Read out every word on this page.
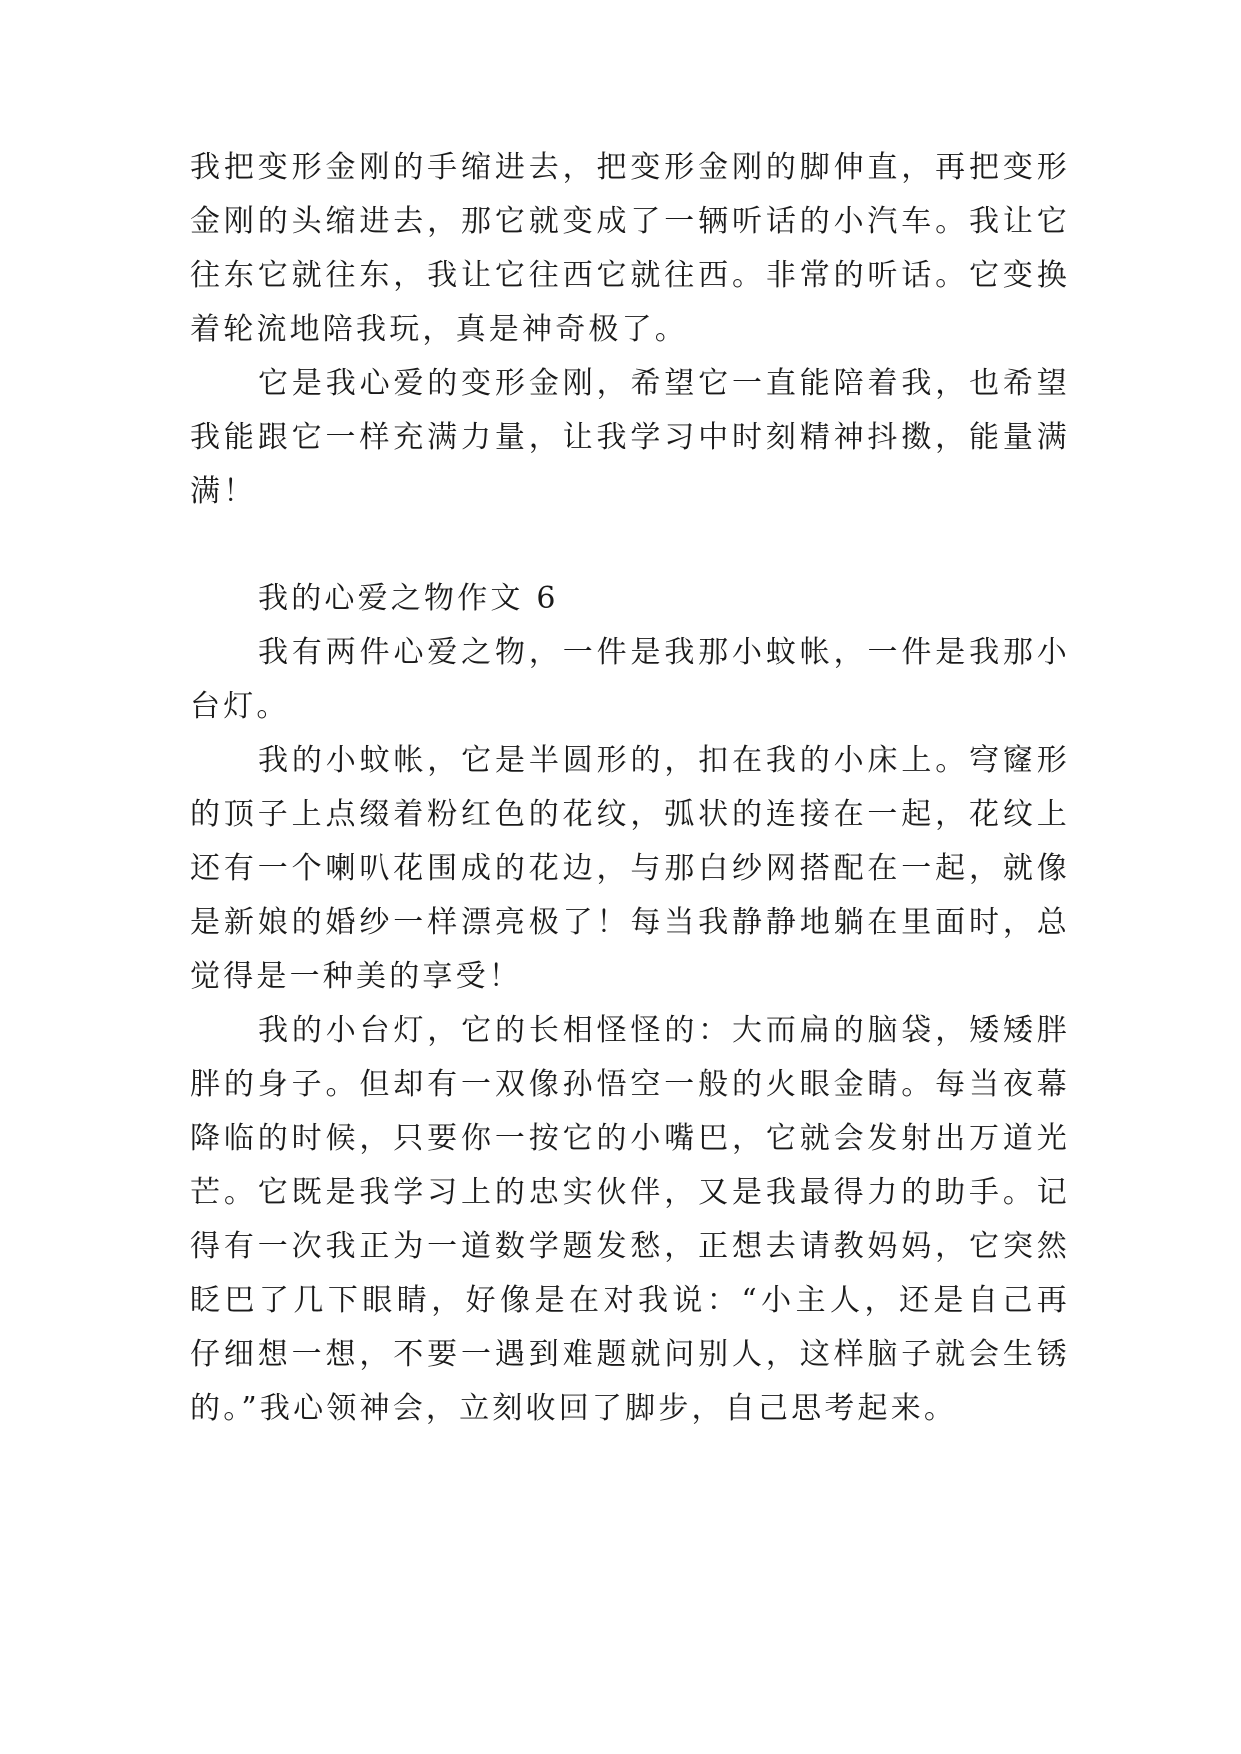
我把变形金刚的手缩进去，把变形金刚的脚伸直，再把变形
金刚的头缩进去，那它就变成了一辆听话的小汽车。我让它
往东它就往东，我让它往西它就往西。非常的听话。它变换
着轮流地陪我玩，真是神奇极了。
它是我心爱的变形金刚，希望它一直能陪着我，也希望
我能跟它一样充满力量，让我学习中时刻精神抖擞，能量满
满！
我的心爱之物作文 6
我有两件心爱之物，一件是我那小蚊帐，一件是我那小
台灯。
我的小蚊帐，它是半圆形的，扣在我的小床上。穹窿形
的顶子上点缀着粉红色的花纹，弧状的连接在一起，花纹上
还有一个喇叭花围成的花边，与那白纱网搭配在一起，就像
是新娘的婚纱一样漂亮极了！每当我静静地躺在里面时，总
觉得是一种美的享受！
我的小台灯，它的长相怪怪的：大而扁的脑袋，矮矮胖
胖的身子。但却有一双像孙悟空一般的火眼金睛。每当夜幕
降临的时候，只要你一按它的小嘴巴，它就会发射出万道光
芒。它既是我学习上的忠实伙伴，又是我最得力的助手。记
得有一次我正为一道数学题发愁，正想去请教妈妈，它突然
眨巴了几下眼睛，好像是在对我说：“小主人，还是自己再
仔细想一想，不要一遇到难题就问别人，这样脑子就会生锈
的。”我心领神会，立刻收回了脚步，自己思考起来。
